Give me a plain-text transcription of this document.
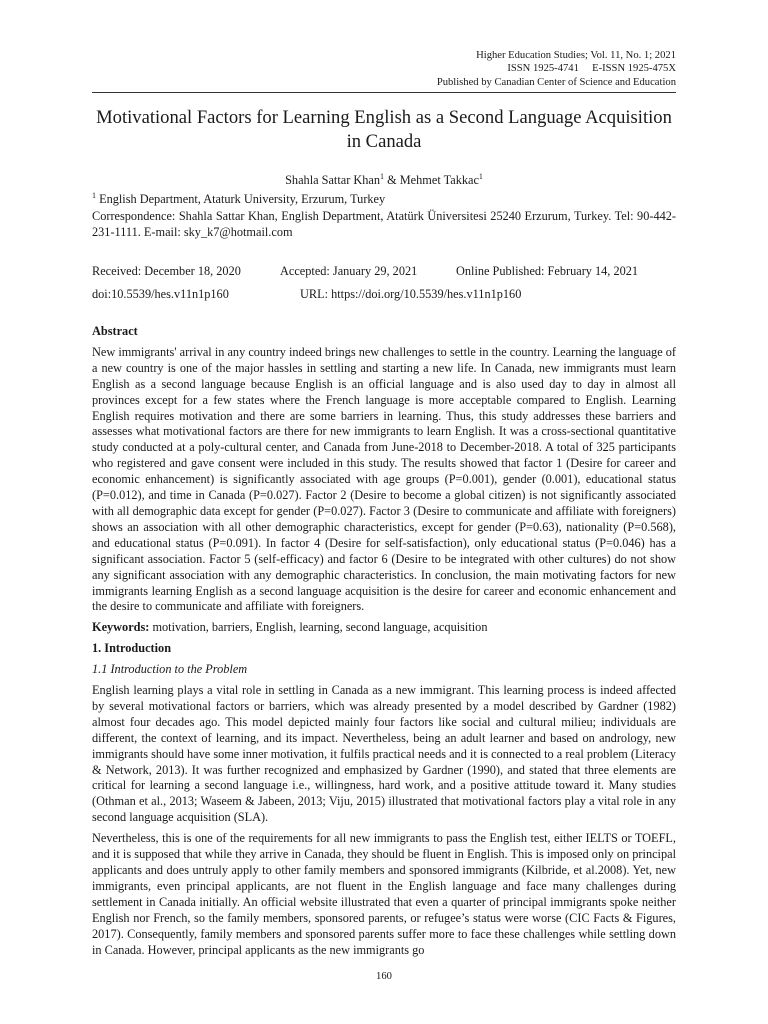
Higher Education Studies; Vol. 11, No. 1; 2021
ISSN 1925-4741     E-ISSN 1925-475X
Published by Canadian Center of Science and Education
Motivational Factors for Learning English as a Second Language Acquisition in Canada
Shahla Sattar Khan$^1$ & Mehmet Takkac$^1$
$^1$ English Department, Ataturk University, Erzurum, Turkey
Correspondence: Shahla Sattar Khan, English Department, Atatürk Üniversitesi 25240 Erzurum, Turkey. Tel: 90-442-231-1111. E-mail: sky_k7@hotmail.com
Received: December 18, 2020	Accepted: January 29, 2021	Online Published: February 14, 2021
doi:10.5539/hes.v11n1p160	URL: https://doi.org/10.5539/hes.v11n1p160
Abstract

New immigrants' arrival in any country indeed brings new challenges to settle in the country. Learning the language of a new country is one of the major hassles in settling and starting a new life. In Canada, new immigrants must learn English as a second language because English is an official language and is also used day to day in almost all provinces except for a few states where the French language is more acceptable compared to English. Learning English requires motivation and there are some barriers in learning. Thus, this study addresses these barriers and assesses what motivational factors are there for new immigrants to learn English. It was a cross-sectional quantitative study conducted at a poly-cultural center, and Canada from June-2018 to December-2018. A total of 325 participants who registered and gave consent were included in this study. The results showed that factor 1 (Desire for career and economic enhancement) is significantly associated with age groups (P=0.001), gender (0.001), educational status (P=0.012), and time in Canada (P=0.027). Factor 2 (Desire to become a global citizen) is not significantly associated with all demographic data except for gender (P=0.027). Factor 3 (Desire to communicate and affiliate with foreigners) shows an association with all other demographic characteristics, except for gender (P=0.63), nationality (P=0.568), and educational status (P=0.091). In factor 4 (Desire for self-satisfaction), only educational status (P=0.046) has a significant association. Factor 5 (self-efficacy) and factor 6 (Desire to be integrated with other cultures) do not show any significant association with any demographic characteristics. In conclusion, the main motivating factors for new immigrants learning English as a second language acquisition is the desire for career and economic enhancement and the desire to communicate and affiliate with foreigners.

Keywords: motivation, barriers, English, learning, second language, acquisition
1. Introduction
1.1 Introduction to the Problem

English learning plays a vital role in settling in Canada as a new immigrant. This learning process is indeed affected by several motivational factors or barriers, which was already presented by a model described by Gardner (1982) almost four decades ago. This model depicted mainly four factors like social and cultural milieu; individuals are different, the context of learning, and its impact. Nevertheless, being an adult learner and based on andrology, new immigrants should have some inner motivation, it fulfils practical needs and it is connected to a real problem (Literacy & Network, 2013). It was further recognized and emphasized by Gardner (1990), and stated that three elements are critical for learning a second language i.e., willingness, hard work, and a positive attitude toward it. Many studies (Othman et al., 2013; Waseem & Jabeen, 2013; Viju, 2015) illustrated that motivational factors play a vital role in any second language acquisition (SLA).

Nevertheless, this is one of the requirements for all new immigrants to pass the English test, either IELTS or TOEFL, and it is supposed that while they arrive in Canada, they should be fluent in English. This is imposed only on principal applicants and does untruly apply to other family members and sponsored immigrants (Kilbride, et al.2008). Yet, new immigrants, even principal applicants, are not fluent in the English language and face many challenges during settlement in Canada initially. An official website illustrated that even a quarter of principal immigrants spoke neither English nor French, so the family members, sponsored parents, or refugee’s status were worse (CIC Facts & Figures, 2017). Consequently, family members and sponsored parents suffer more to face these challenges while settling down in Canada. However, principal applicants as the new immigrants go

160
